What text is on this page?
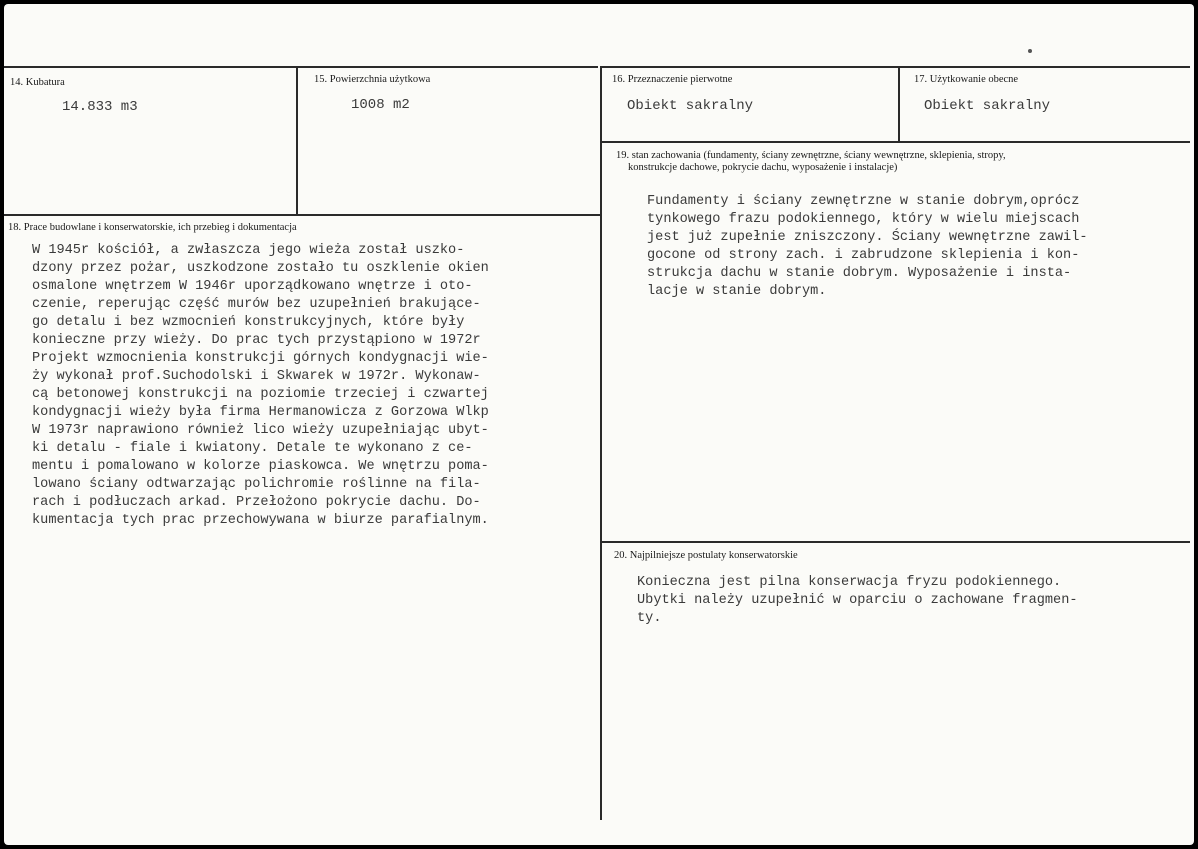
14. Kubatura
14.833 m3
15. Powierzchnia użytkowa
1008 m2
16. Przeznaczenie pierwotne
Obiekt sakralny
17. Użytkowanie obecne
Obiekt sakralny
18. Prace budowlane i konserwatorskie, ich przebieg i dokumentacja
W 1945r kościół, a zwłaszcza jego wieża został uszko-
dzony przez pożar, uszkodzone zostało tu oszklenie okien
osmalone wnętrzem W 1946r uporządkowano wnętrze i oto-
czenie, reperując część murów bez uzupełnień brakujące-
go detalu i bez wzmocnień konstrukcyjnych, które były
konieczne przy wieży. Do prac tych przystąpiono w 1972r
Projekt wzmocnienia konstrukcji górnych kondygnacji wie-
ży wykonał prof.Suchodolski i Skwarek w 1972r. Wykonaw-
cą betonowej konstrukcji na poziomie trzeciej i czwartej
kondygnacji wieży była firma Hermanowicza z Gorzowa Wlkp
W 1973r naprawiono również lico wieży uzupełniając ubyt-
ki detalu - fiale i kwiatony. Detale te wykonano z ce-
mentu i pomalowano w kolorze piaskowca. We wnętrzu poma-
lowano ściany odtwarzając polichromie roślinne na fila-
rach i podłuczach arkad. Przełożono pokrycie dachu. Do-
kumentacja tych prac przechowywana w biurze parafialnym.
19. stan zachowania (fundamenty, ściany zewnętrzne, ściany wewnętrzne, sklepienia, stropy,
konstrukcje dachowe, pokrycie dachu, wyposażenie i instalacje)
Fundamenty i ściany zewnętrzne w stanie dobrym,oprócz
tynkowego frazu podokiennego, który w wielu miejscach
jest już zupełnie zniszczony. Ściany wewnętrzne zawil-
gocone od strony zach. i zabrudzone sklepienia i kon-
strukcja dachu w stanie dobrym. Wyposażenie i insta-
lacje w stanie dobrym.
20. Najpilniejsze postulaty konserwatorskie
Konieczna jest pilna konserwacja fryzu podokiennego.
Ubytki należy uzupełnić w oparciu o zachowane fragmen-
ty.
